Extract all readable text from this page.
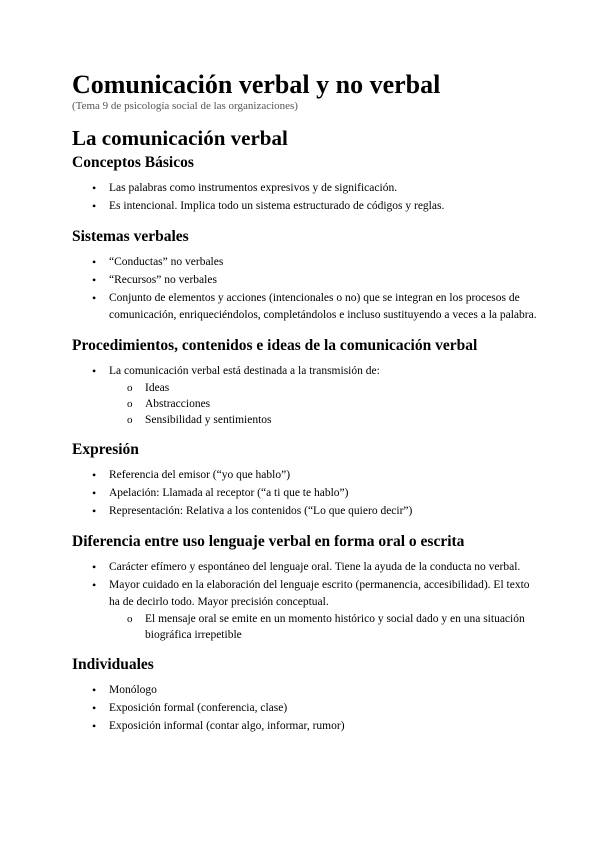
Comunicación verbal y no verbal
(Tema 9 de psicología social de las organizaciones)
La comunicación verbal
Conceptos Básicos
• Las palabras como instrumentos expresivos y de significación.
• Es intencional. Implica todo un sistema estructurado de códigos y reglas.
Sistemas verbales
• “Conductas” no verbales
• “Recursos” no verbales
• Conjunto de elementos y acciones (intencionales o no) que se integran en los procesos de comunicación, enriqueciéndolos, completándolos e incluso sustituyendo a veces a la palabra.
Procedimientos, contenidos e ideas de la comunicación verbal
• La comunicación verbal está destinada a la transmisión de:
o Ideas
o Abstracciones
o Sensibilidad y sentimientos
Expresión
• Referencia del emisor (“yo que hablo”)
• Apelación: Llamada al receptor (“a ti que te hablo”)
• Representación: Relativa a los contenidos (“Lo que quiero decir”)
Diferencia entre uso lenguaje verbal en forma oral o escrita
• Carácter efímero y espontáneo del lenguaje oral. Tiene la ayuda de la conducta no verbal.
• Mayor cuidado en la elaboración del lenguaje escrito (permanencia, accesibilidad). El texto ha de decirlo todo. Mayor precisión conceptual.
o El mensaje oral se emite en un momento histórico y social dado y en una situación biográfica irrepetible
Individuales
• Monólogo
• Exposición formal (conferencia, clase)
• Exposición informal (contar algo, informar, rumor)
